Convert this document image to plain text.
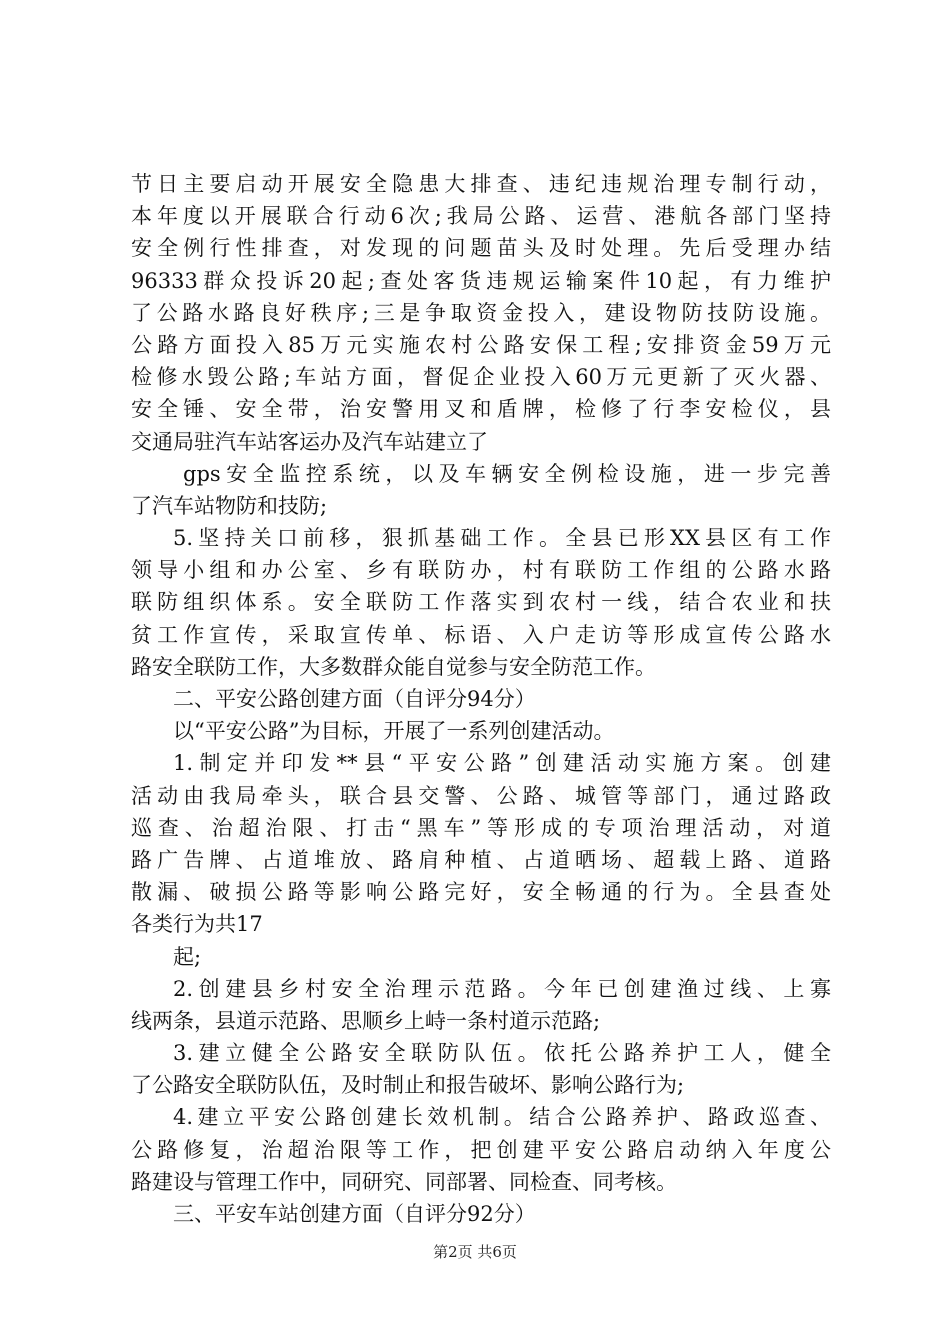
节日主要启动开展安全隐患大排查、违纪违规治理专制行动，
本年度以开展联合行动6次;我局公路、运营、港航各部门坚持
安全例行性排查，对发现的问题苗头及时处理。先后受理办结
96333群众投诉20起;查处客货违规运输案件10起，有力维护
了公路水路良好秩序;三是争取资金投入，建设物防技防设施。
公路方面投入85万元实施农村公路安保工程;安排资金59万元
检修水毁公路;车站方面，督促企业投入60万元更新了灭火器、
安全锤、安全带，治安警用叉和盾牌，检修了行李安检仪，县
交通局驻汽车站客运办及汽车站建立了
gps安全监控系统，以及车辆安全例检设施，进一步完善
了汽车站物防和技防;
5.坚持关口前移，狠抓基础工作。全县已形XX县区有工作
领导小组和办公室、乡有联防办，村有联防工作组的公路水路
联防组织体系。安全联防工作落实到农村一线，结合农业和扶
贫工作宣传，采取宣传单、标语、入户走访等形成宣传公路水
路安全联防工作，大多数群众能自觉参与安全防范工作。
二、平安公路创建方面（自评分94分）
以“平安公路”为目标，开展了一系列创建活动。
1.制定并印发**县“平安公路”创建活动实施方案。创建
活动由我局牵头，联合县交警、公路、城管等部门，通过路政
巡查、治超治限、打击“黑车”等形成的专项治理活动，对道
路广告牌、占道堆放、路肩种植、占道晒场、超载上路、道路
散漏、破损公路等影响公路完好，安全畅通的行为。全县查处
各类行为共17
起;
2.创建县乡村安全治理示范路。今年已创建渔过线、上寡
线两条，县道示范路、思顺乡上峙一条村道示范路;
3.建立健全公路安全联防队伍。依托公路养护工人，健全
了公路安全联防队伍，及时制止和报告破坏、影响公路行为;
4.建立平安公路创建长效机制。结合公路养护、路政巡查、
公路修复，治超治限等工作，把创建平安公路启动纳入年度公
路建设与管理工作中，同研究、同部署、同检查、同考核。
三、平安车站创建方面（自评分92分）
第2页 共6页
